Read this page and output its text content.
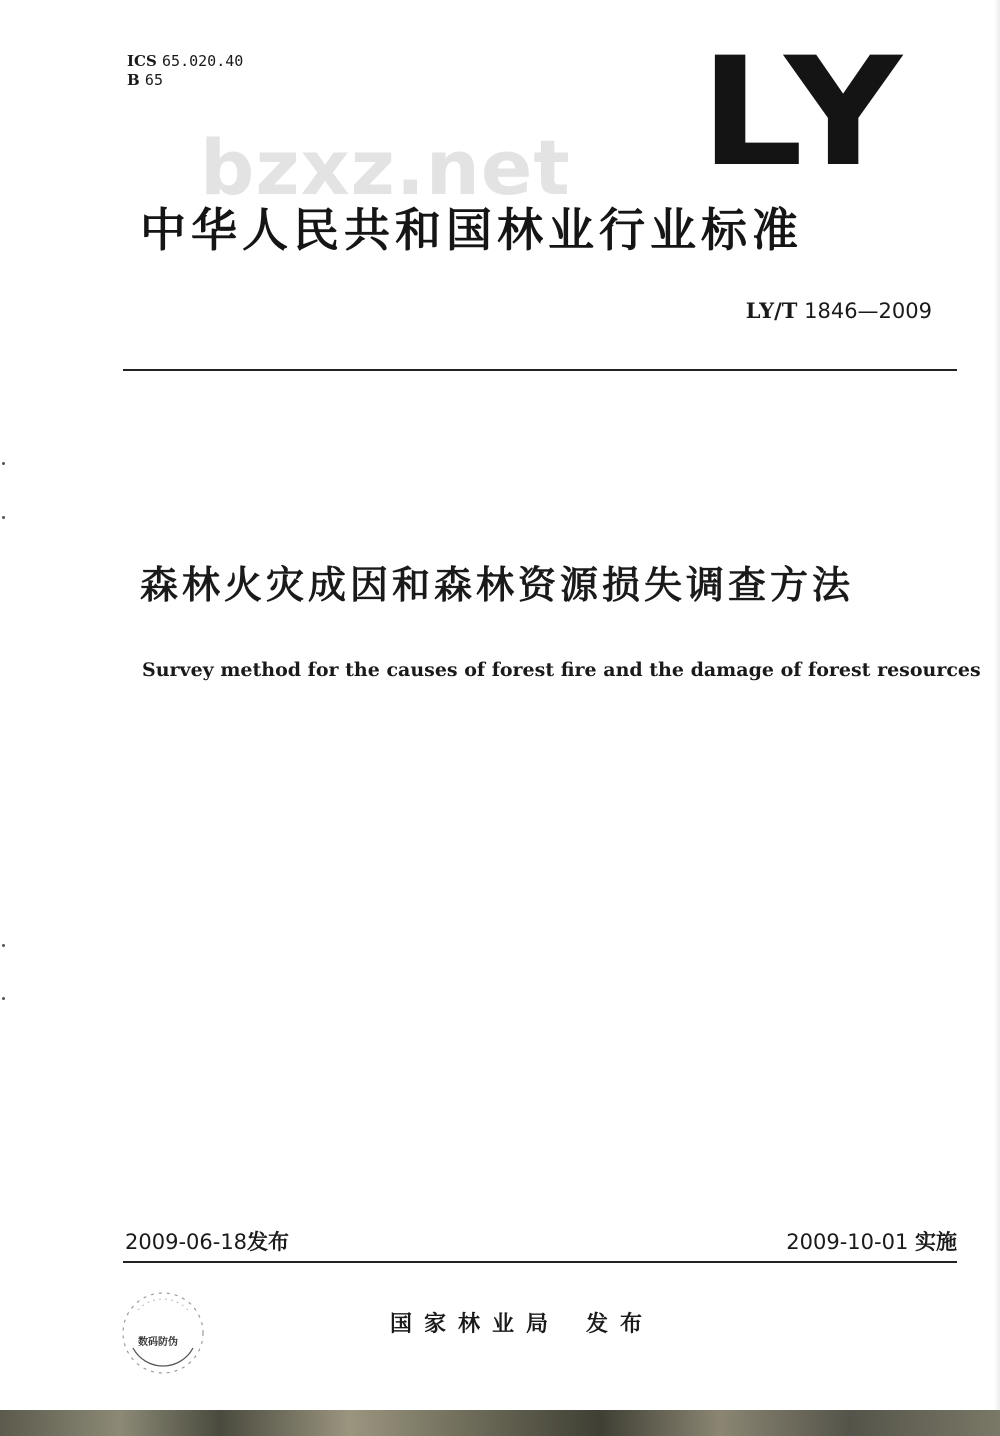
ICS 65.020.40
B 65	LY
bzxz.net
中华人民共和国林业行业标准
LY/T 1846—2009
森林火灾成因和森林资源损失调查方法
Survey method for the causes of forest fire and the damage of forest resources
2009-06-18发布	2009-10-01 实施
数码防伪
国家林业局 发布
